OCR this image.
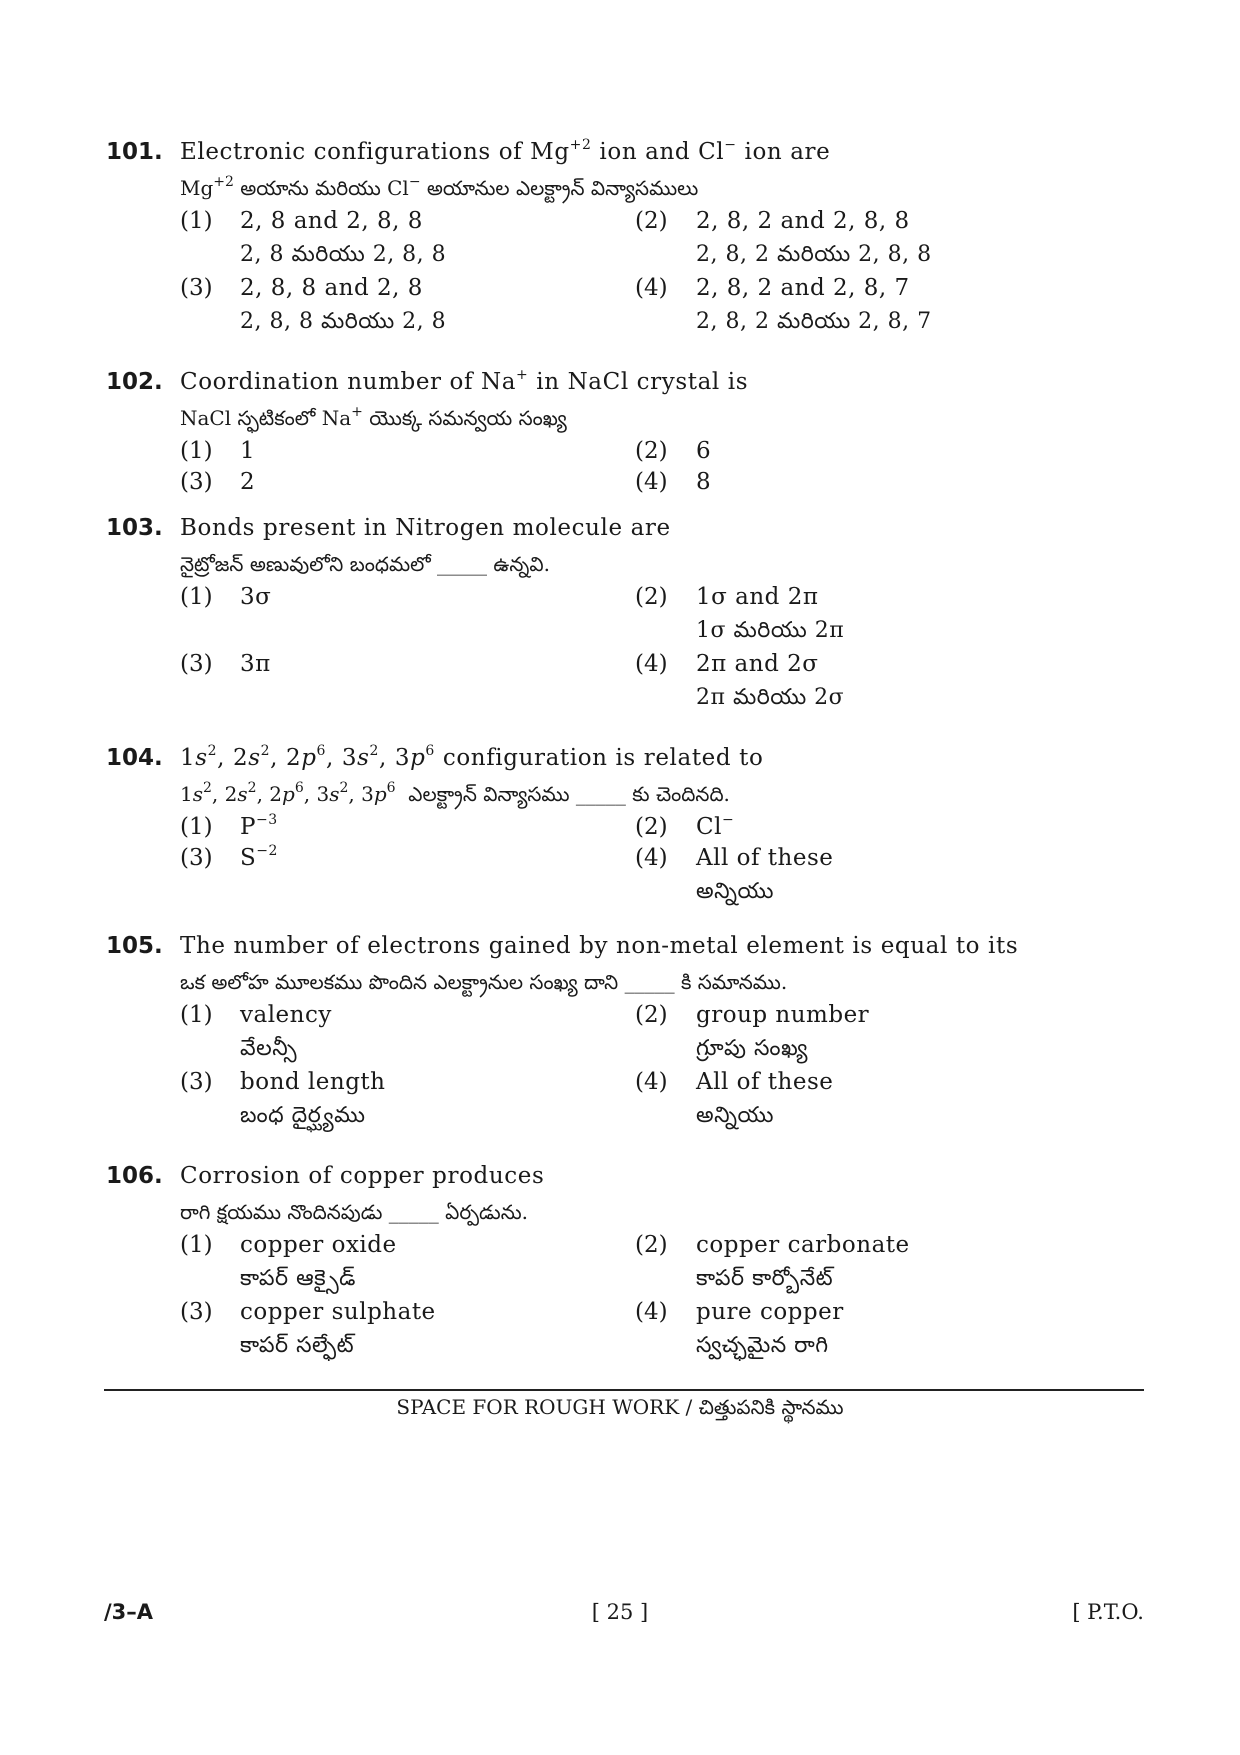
101. Electronic configurations of $Mg^{+2}$ ion and Cl− ion are
$Mg^{+2}$ అయాను మరియు Cl− అయానుల ఎలక్ట్రాన్ విన్యాసములు
(1) 2, 8 and 2, 8, 8	(2) 2, 8, 2 and 2, 8, 8
2, 8 మరియు 2, 8, 8	2, 8, 2 మరియు 2, 8, 8
(3) 2, 8, 8 and 2, 8	(4) 2, 8, 2 and 2, 8, 7
2, 8, 8 మరియు 2, 8	2, 8, 2 మరియు 2, 8, 7
102. Coordination number of Na+ in NaCl crystal is
NaCl స్ఫటికంలో Na+ యొక్క సమన్వయ సంఖ్య
(1) 1	(2) 6
(3) 2	(4) 8
103. Bonds present in Nitrogen molecule are
నైట్రోజన్ అణువులోని బంధమలో _____ ఉన్నవి.
(1) 3σ	(2) 1σ and 2π
1σ మరియు 2π
(3) 3π	(4) 2π and 2σ
2π మరియు 2σ
104. $1s^2$, $2s^2$, $2p^6$, $3s^2$, $3p^6$ configuration is related to
$1s^2$, $2s^2$, $2p^6$, $3s^2$, $3p^6$  ఎలక్ట్రాన్ విన్యాసము _____ కు చెందినది.
(1) $P^{-3}$	(2) Cl−
(3) $S^{-2}$	(4) All of these
అన్నియు
105. The number of electrons gained by non-metal element is equal to its
ఒక అలోహ మూలకము పొందిన ఎలక్ట్రానుల సంఖ్య దాని _____ కి సమానము.
(1) valency	(2) group number
వేలన్సీ	గ్రూపు సంఖ్య
(3) bond length	(4) All of these
బంధ దైర్ఘ్యము	అన్నియు
106. Corrosion of copper produces
రాగి క్షయము నొందినపుడు _____ ఏర్పడును.
(1) copper oxide	(2) copper carbonate
కాపర్ ఆక్సైడ్	కాపర్ కార్బోనేట్
(3) copper sulphate	(4) pure copper
కాపర్ సల్ఫేట్	స్వచ్ఛమైన రాగి
SPACE FOR ROUGH WORK / చిత్తుపనికి స్థానము
/3–A	[ 25 ]	[ P.T.O.
